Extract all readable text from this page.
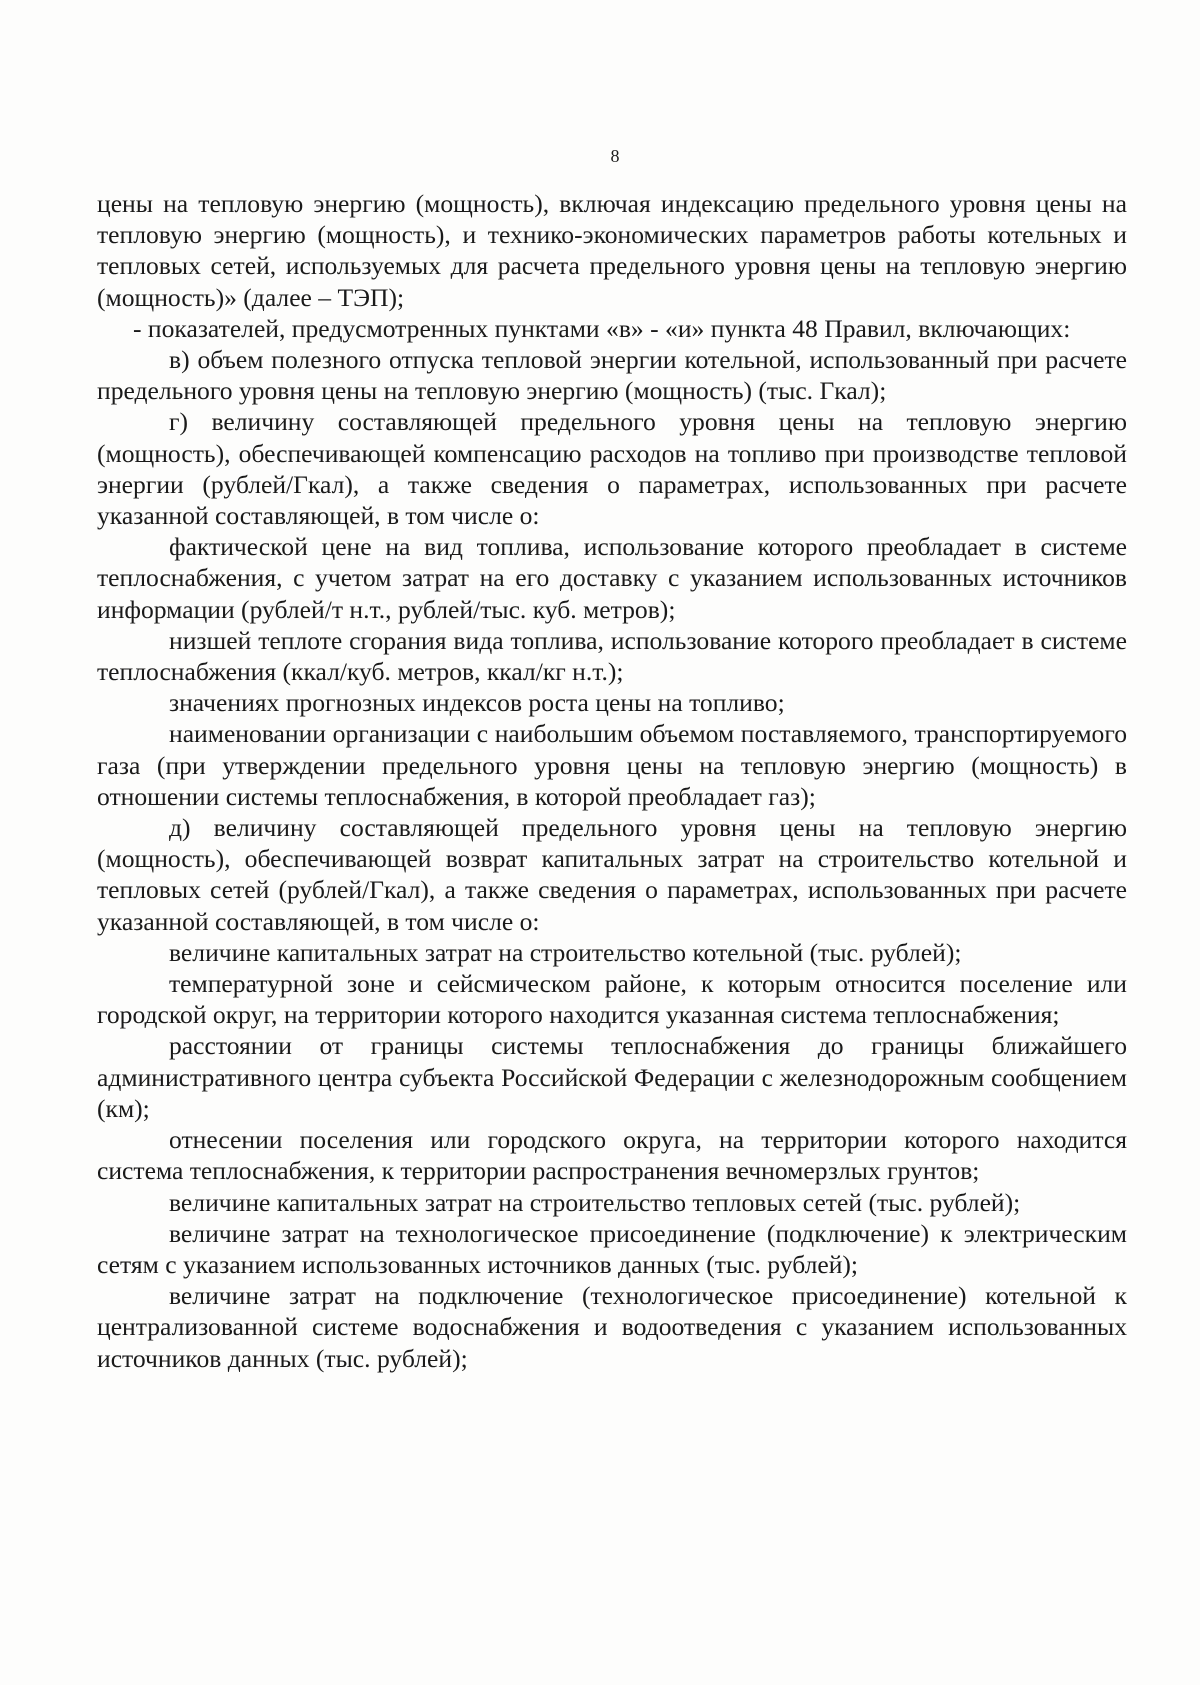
8

цены на тепловую энергию (мощность), включая индексацию предельного уровня цены на тепловую энергию (мощность), и технико-экономических параметров работы котельных и тепловых сетей, используемых для расчета предельного уровня цены на тепловую энергию (мощность)» (далее – ТЭП);

- показателей, предусмотренных пунктами «в» - «и» пункта 48 Правил, включающих:

в) объем полезного отпуска тепловой энергии котельной, использованный при расчете предельного уровня цены на тепловую энергию (мощность) (тыс. Гкал);

г) величину составляющей предельного уровня цены на тепловую энергию (мощность), обеспечивающей компенсацию расходов на топливо при производстве тепловой энергии (рублей/Гкал), а также сведения о параметрах, использованных при расчете указанной составляющей, в том числе о:

фактической цене на вид топлива, использование которого преобладает в системе теплоснабжения, с учетом затрат на его доставку с указанием использованных источников информации (рублей/т н.т., рублей/тыс. куб. метров);

низшей теплоте сгорания вида топлива, использование которого преобладает в системе теплоснабжения (ккал/куб. метров, ккал/кг н.т.);

значениях прогнозных индексов роста цены на топливо;

наименовании организации с наибольшим объемом поставляемого, транспортируемого газа (при утверждении предельного уровня цены на тепловую энергию (мощность) в отношении системы теплоснабжения, в которой преобладает газ);

д) величину составляющей предельного уровня цены на тепловую энергию (мощность), обеспечивающей возврат капитальных затрат на строительство котельной и тепловых сетей (рублей/Гкал), а также сведения о параметрах, использованных при расчете указанной составляющей, в том числе о:

величине капитальных затрат на строительство котельной (тыс. рублей);

температурной зоне и сейсмическом районе, к которым относится поселение или городской округ, на территории которого находится указанная система теплоснабжения;

расстоянии от границы системы теплоснабжения до границы ближайшего административного центра субъекта Российской Федерации с железнодорожным сообщением (км);

отнесении поселения или городского округа, на территории которого находится система теплоснабжения, к территории распространения вечномерзлых грунтов;

величине капитальных затрат на строительство тепловых сетей (тыс. рублей);

величине затрат на технологическое присоединение (подключение) к электрическим сетям с указанием использованных источников данных (тыс. рублей);

величине затрат на подключение (технологическое присоединение) котельной к централизованной системе водоснабжения и водоотведения с указанием использованных источников данных (тыс. рублей);
